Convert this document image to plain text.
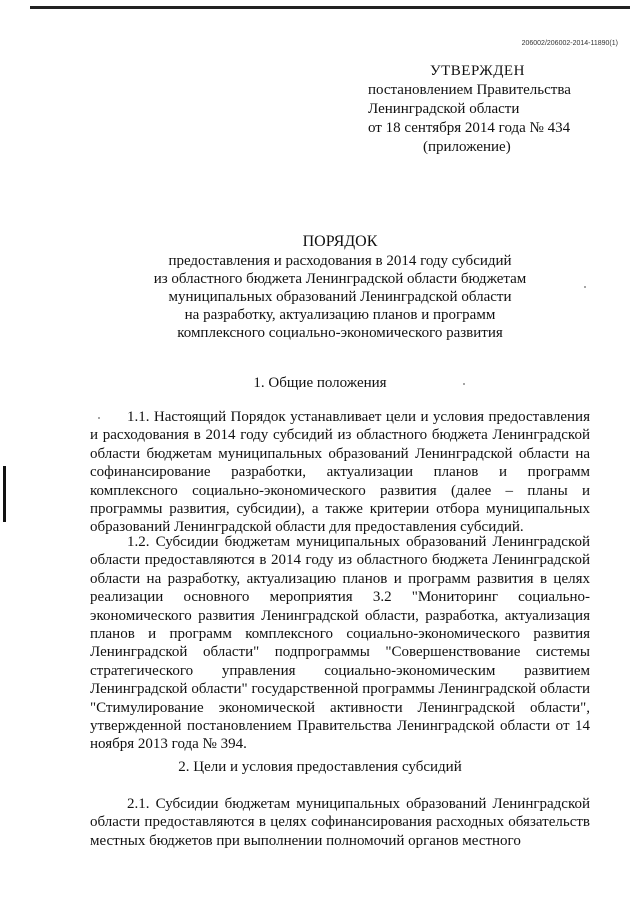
206002/206002-2014-11890(1)
УТВЕРЖДЕН
постановлением Правительства
Ленинградской области
от 18 сентября 2014 года № 434
(приложение)
ПОРЯДОК
предоставления и расходования в 2014 году субсидий
из областного бюджета Ленинградской области бюджетам
муниципальных образований Ленинградской области
на разработку, актуализацию планов и программ
комплексного социально-экономического развития
1. Общие положения
1.1. Настоящий Порядок устанавливает цели и условия предоставления и расходования в 2014 году субсидий из областного бюджета Ленинградской области бюджетам муниципальных образований Ленинградской области на софинансирование разработки, актуализации планов и программ комплексного социально-экономического развития (далее – планы и программы развития, субсидии), а также критерии отбора муниципальных образований Ленинградской области для предоставления субсидий.
1.2. Субсидии бюджетам муниципальных образований Ленинградской области предоставляются в 2014 году из областного бюджета Ленинградской области на разработку, актуализацию планов и программ развития в целях реализации основного мероприятия 3.2 "Мониторинг социально-экономического развития Ленинградской области, разработка, актуализация планов и программ комплексного социально-экономического развития Ленинградской области" подпрограммы "Совершенствование системы стратегического управления социально-экономическим развитием Ленинградской области" государственной программы Ленинградской области "Стимулирование экономической активности Ленинградской области", утвержденной постановлением Правительства Ленинградской области от 14 ноября 2013 года № 394.
2. Цели и условия предоставления субсидий
2.1. Субсидии бюджетам муниципальных образований Ленинградской области предоставляются в целях софинансирования расходных обязательств местных бюджетов при выполнении полномочий органов местного
